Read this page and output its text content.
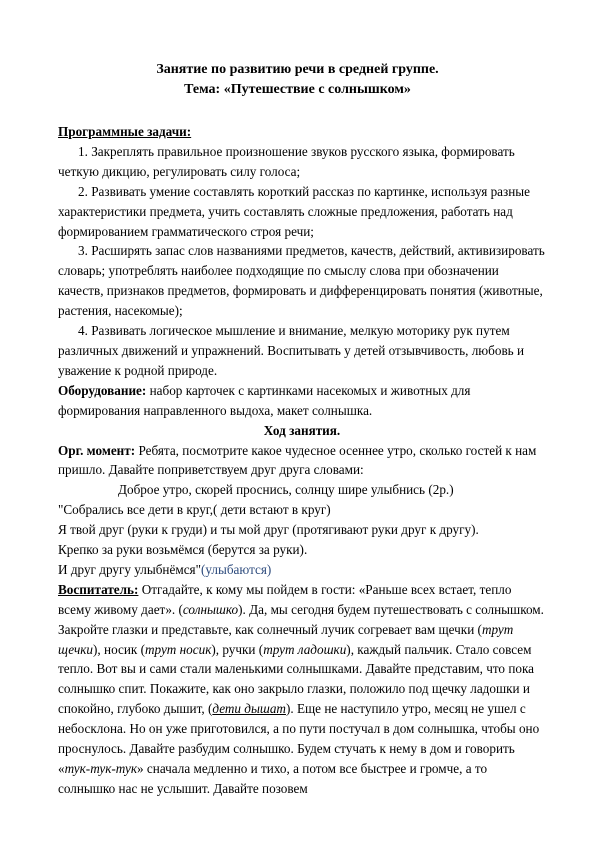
Занятие по развитию речи в средней группе.
Тема: «Путешествие с солнышком»

Программные задачи:

1. Закреплять правильное произношение звуков русского языка, формировать четкую дикцию, регулировать силу голоса;

2. Развивать умение составлять короткий рассказ по картинке, используя разные характеристики предмета, учить составлять сложные предложения, работать над формированием грамматического строя речи;

3. Расширять запас слов названиями предметов, качеств, действий, активизировать словарь; употреблять наиболее подходящие по смыслу слова при обозначении качеств, признаков предметов, формировать и дифференцировать понятия (животные, растения, насекомые);

4. Развивать логическое мышление и внимание, мелкую моторику рук путем различных движений и упражнений. Воспитывать у детей отзывчивость, любовь и уважение к родной природе.

Оборудование: набор карточек с картинками насекомых и животных для формирования направленного выдоха, макет солнышка.

Ход занятия.

Орг. момент: Ребята, посмотрите какое чудесное осеннее утро, сколько гостей к нам пришло. Давайте поприветствуем друг друга словами:

Доброе утро, скорей проснись, солнцу шире улыбнись (2р.)

"Собрались все дети в круг,( дети встают в круг)

Я твой друг (руки к груди) и ты мой друг (протягивают руки друг к другу).

Крепко за руки возьмёмся (берутся за руки).

И друг другу улыбнёмся"(улыбаются)

Воспитатель: Отгадайте, к кому мы пойдем в гости: «Раньше всех встает, тепло всему живому дает». (солнышко). Да, мы сегодня будем путешествовать с солнышком. Закройте глазки и представьте, как солнечный лучик согревает вам щечки (трут щечки), носик (трут носик), ручки (трут ладошки), каждый пальчик. Стало совсем тепло. Вот вы и сами стали маленькими солнышками. Давайте представим, что пока солнышко спит. Покажите, как оно закрыло глазки, положило под щечку ладошки и спокойно, глубоко дышит, (дети дышат). Еще не наступило утро, месяц не ушел с небосклона. Но он уже приготовился, а по пути постучал в дом солнышка, чтобы оно проснулось. Давайте разбудим солнышко. Будем стучать к нему в дом и говорить «тук-тук-тук» сначала медленно и тихо, а потом все быстрее и громче, а то солнышко нас не услышит. Давайте позовем
